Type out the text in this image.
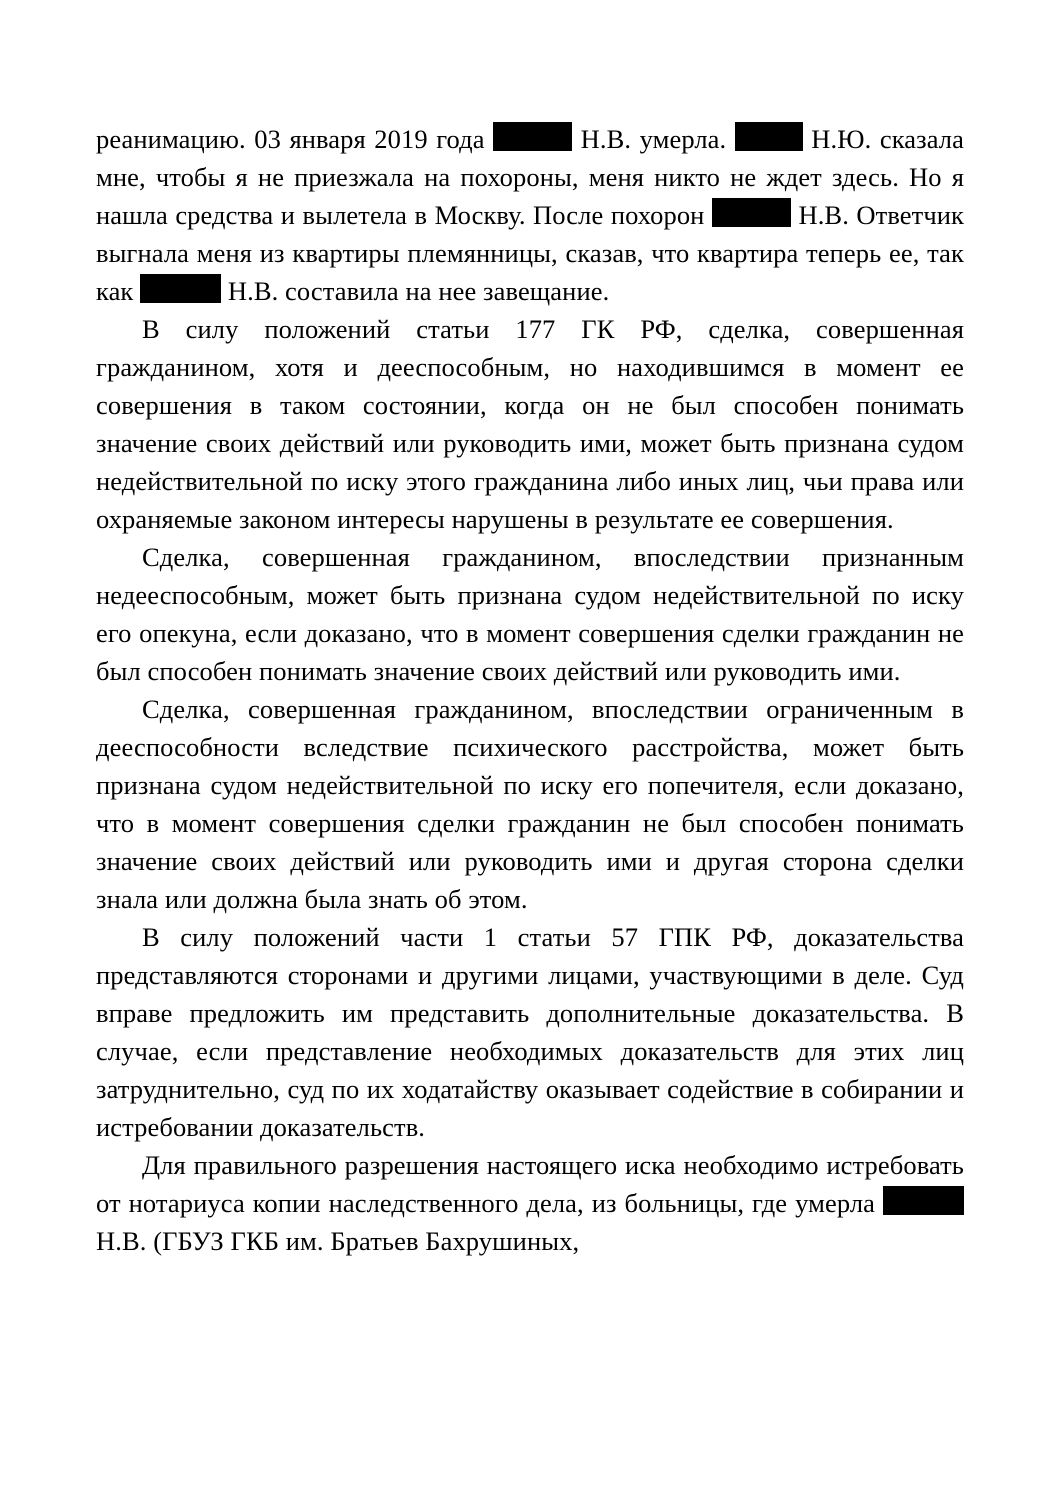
реанимацию. 03 января 2019 года	Н.В. умерла.	Н.Ю. сказала мне, чтобы я не приезжала на похороны, меня никто не ждет здесь. Но я нашла средства и вылетела в Москву. После похорон	Н.В. Ответчик выгнала меня из квартиры племянницы, сказав, что квартира теперь ее, так как	Н.В. составила на нее завещание.

В силу положений статьи 177 ГК РФ, сделка, совершенная гражданином, хотя и дееспособным, но находившимся в момент ее совершения в таком состоянии, когда он не был способен понимать значение своих действий или руководить ими, может быть признана судом недействительной по иску этого гражданина либо иных лиц, чьи права или охраняемые законом интересы нарушены в результате ее совершения.

Сделка, совершенная гражданином, впоследствии признанным недееспособным, может быть признана судом недействительной по иску его опекуна, если доказано, что в момент совершения сделки гражданин не был способен понимать значение своих действий или руководить ими.

Сделка, совершенная гражданином, впоследствии ограниченным в дееспособности вследствие психического расстройства, может быть признана судом недействительной по иску его попечителя, если доказано, что в момент совершения сделки гражданин не был способен понимать значение своих действий или руководить ими и другая сторона сделки знала или должна была знать об этом.

В силу положений части 1 статьи 57 ГПК РФ, доказательства представляются сторонами и другими лицами, участвующими в деле. Суд вправе предложить им представить дополнительные доказательства. В случае, если представление необходимых доказательств для этих лиц затруднительно, суд по их ходатайству оказывает содействие в собирании и истребовании доказательств.

Для правильного разрешения настоящего иска необходимо истребовать от нотариуса копии наследственного дела, из больницы, где умерла  Н.В. (ГБУЗ ГКБ им. Братьев Бахрушиных,
